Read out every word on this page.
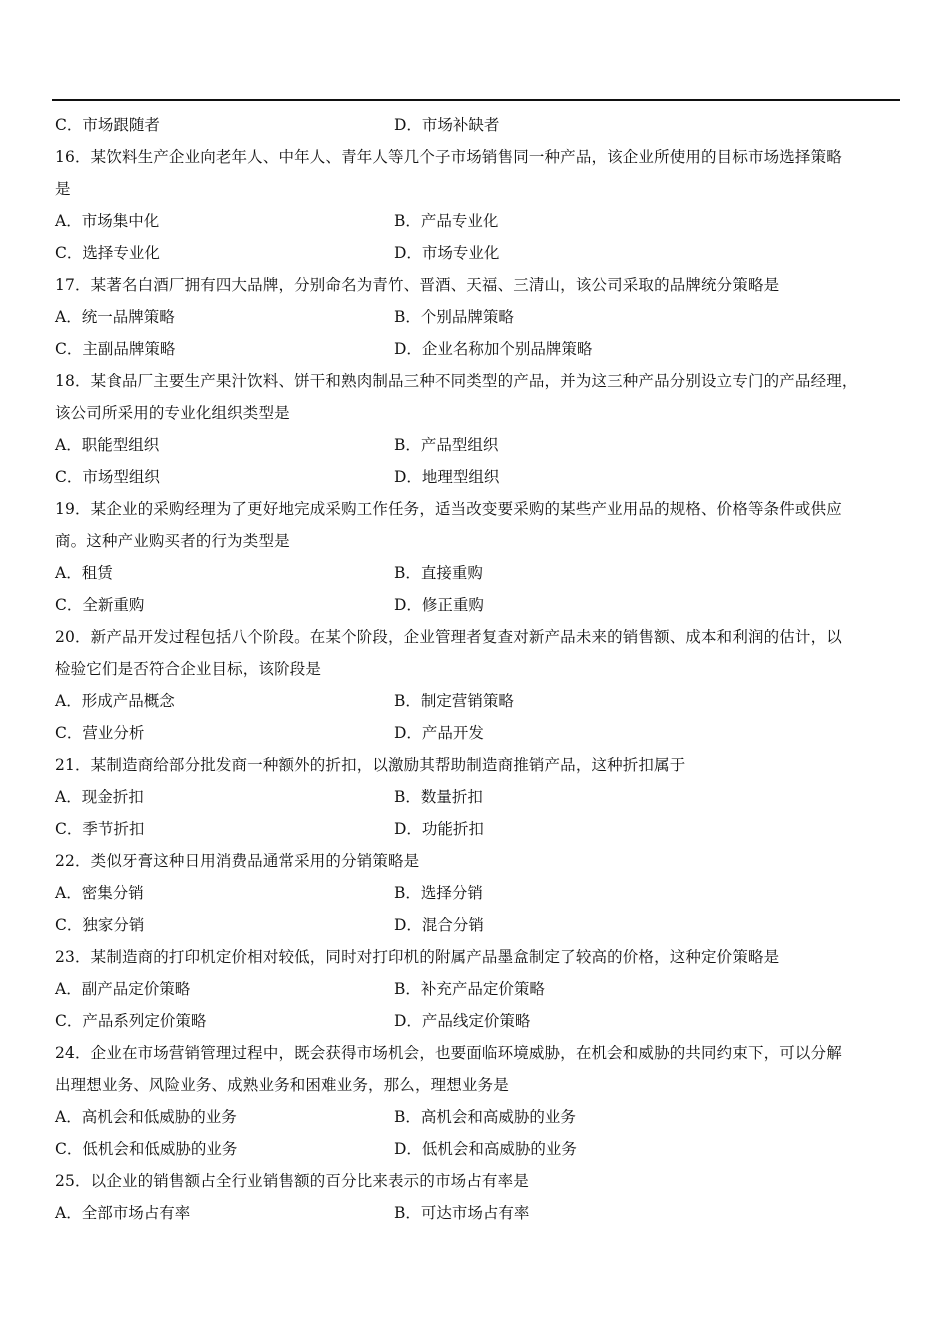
C．市场跟随者	D．市场补缺者
16．某饮料生产企业向老年人、中年人、青年人等几个子市场销售同一种产品，该企业所使用的目标市场选择策略
是
A．市场集中化	B．产品专业化
C．选择专业化	D．市场专业化
17．某著名白酒厂拥有四大品牌，分别命名为青竹、晋酒、天福、三清山，该公司采取的品牌统分策略是
A．统一品牌策略	B．个别品牌策略
C．主副品牌策略	D．企业名称加个别品牌策略
18．某食品厂主要生产果汁饮料、饼干和熟肉制品三种不同类型的产品，并为这三种产品分别设立专门的产品经理，
该公司所采用的专业化组织类型是
A．职能型组织	B．产品型组织
C．市场型组织	D．地理型组织
19．某企业的采购经理为了更好地完成采购工作任务，适当改变要采购的某些产业用品的规格、价格等条件或供应
商。这种产业购买者的行为类型是
A．租赁	B．直接重购
C．全新重购	D．修正重购
20．新产品开发过程包括八个阶段。在某个阶段，企业管理者复查对新产品未来的销售额、成本和利润的估计，以
检验它们是否符合企业目标，该阶段是
A．形成产品概念	B．制定营销策略
C．营业分析	D．产品开发
21．某制造商给部分批发商一种额外的折扣，以激励其帮助制造商推销产品，这种折扣属于
A．现金折扣	B．数量折扣
C．季节折扣	D．功能折扣
22．类似牙膏这种日用消费品通常采用的分销策略是
A．密集分销	B．选择分销
C．独家分销	D．混合分销
23．某制造商的打印机定价相对较低，同时对打印机的附属产品墨盒制定了较高的价格，这种定价策略是
A．副产品定价策略	B．补充产品定价策略
C．产品系列定价策略	D．产品线定价策略
24．企业在市场营销管理过程中，既会获得市场机会，也要面临环境威胁，在机会和威胁的共同约束下，可以分解
出理想业务、风险业务、成熟业务和困难业务，那么，理想业务是
A．高机会和低威胁的业务	B．高机会和高威胁的业务
C．低机会和低威胁的业务	D．低机会和高威胁的业务
25．以企业的销售额占全行业销售额的百分比来表示的市场占有率是
A．全部市场占有率	B．可达市场占有率
